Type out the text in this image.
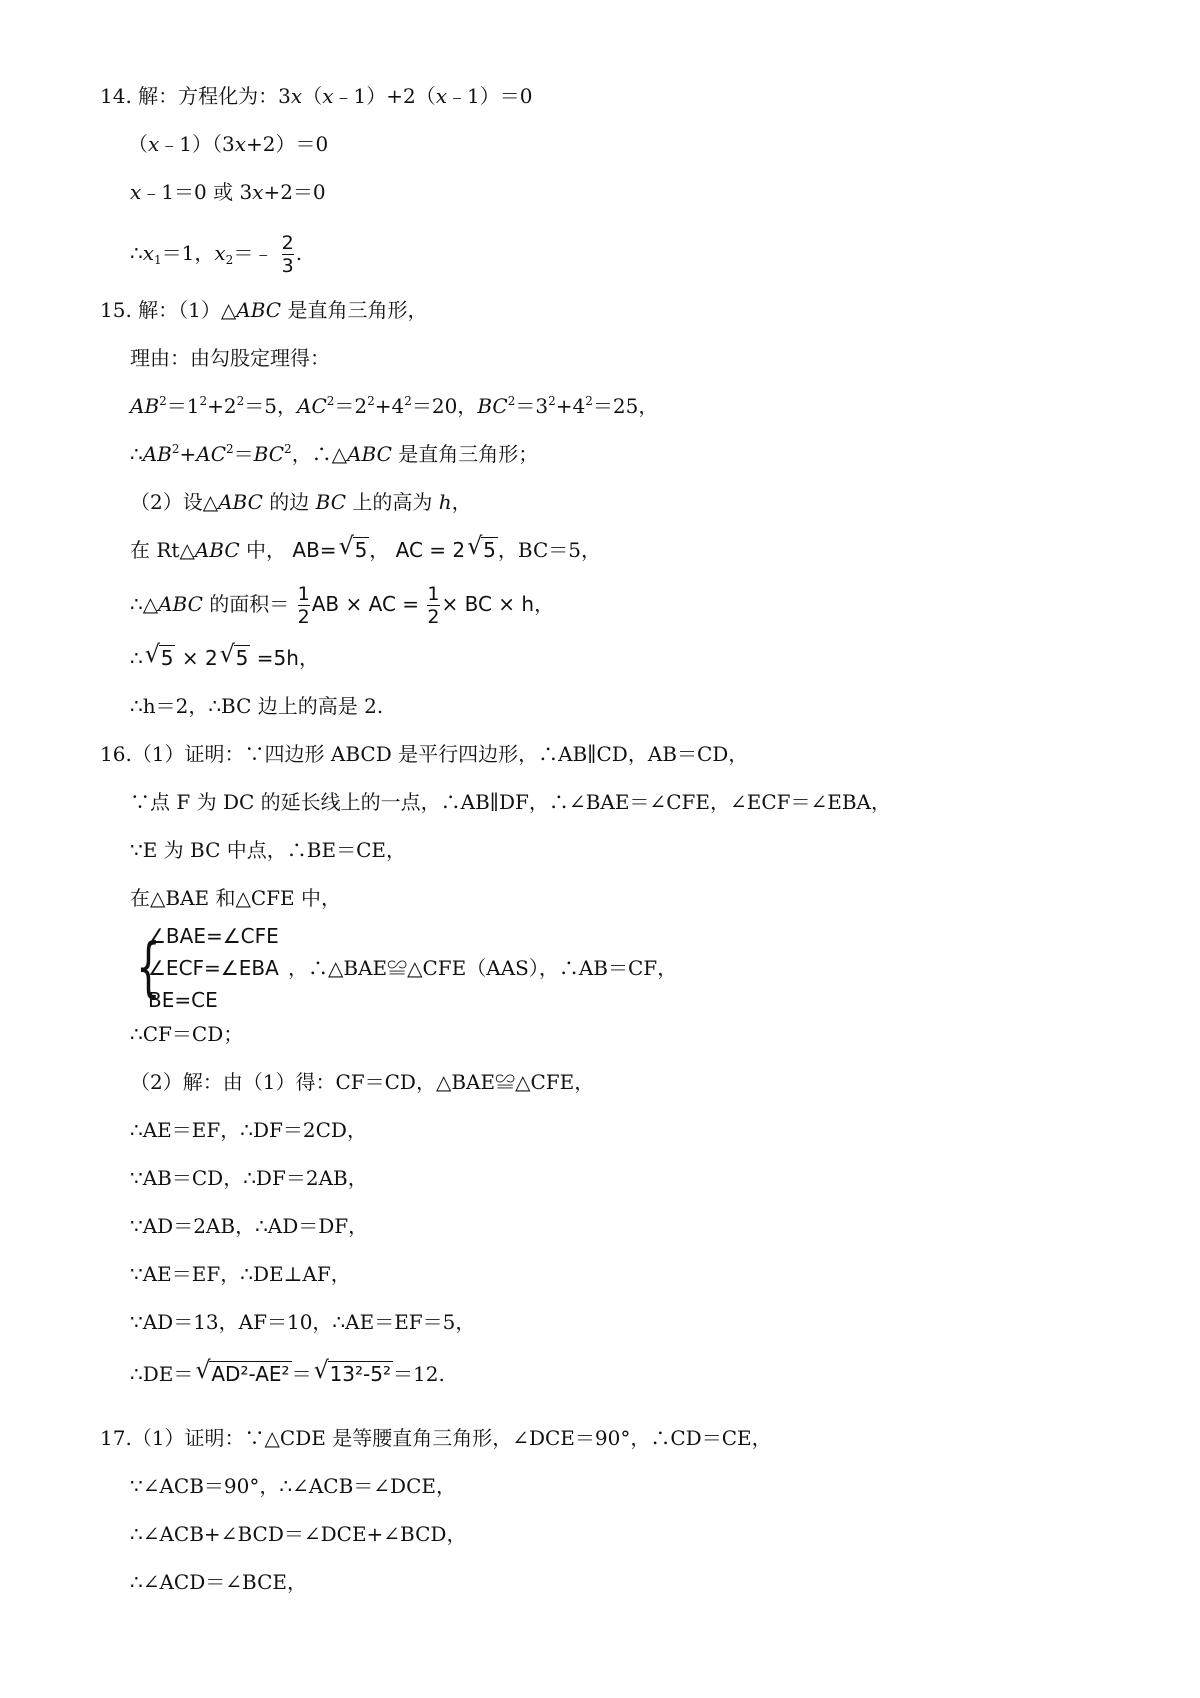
14. 解：方程化为：3x（x﹣1）+2（x﹣1）＝0
（x﹣1）（3x+2）＝0
x﹣1＝0 或 3x+2＝0
$\therefore x_1=1$，$x_2=﹣ \frac{2}{3}$ .
15. 解：（1）△ABC 是直角三角形，
理由：由勾股定理得：
$AB^2=1^2+2^2=5$，$AC^2=2^2+4^2=20$，$BC^2=3^2+4^2=25$，
$\therefore AB^2+AC^2=BC^2$，∴△ABC 是直角三角形；
（2）设△ABC 的边 BC 上的高为 h，
在 Rt△ABC 中， AB= √ 5 ， AC = 2 √ 5 ，BC＝5，
∴△ABC 的面积＝ $\frac{1}{2}$ AB × AC = $\frac{1}{2}$ × BC × h，
∴ √ 5 × 2 √ 5 =5h，
∴h＝2，∴BC 边上的高是 2.
16.（1）证明：∵四边形 ABCD 是平行四边形，∴AB∥CD，AB＝CD，
∵点 F 为 DC 的延长线上的一点，∴AB∥DF，∴∠BAE＝∠CFE，∠ECF＝∠EBA，
∵E 为 BC 中点，∴BE＝CE，
在△BAE 和△CFE 中，
{
∠BAE=∠CFE
∠ECF=∠EBA
BE=CE
，∴△BAE≌△CFE（AAS），∴AB＝CF，
∴CF＝CD；
（2）解：由（1）得：CF＝CD，△BAE≌△CFE，
∴AE＝EF，∴DF＝2CD，
∵AB＝CD，∴DF＝2AB，
∵AD＝2AB，∴AD＝DF，
∵AE＝EF，∴DE⊥AF，
∵AD＝13，AF＝10，∴AE＝EF＝5，
∴DE＝ √ AD²-AE² ＝ √ 13²-5² ＝12.
17.（1）证明：∵△CDE 是等腰直角三角形，∠DCE＝90°，∴CD＝CE，
∵∠ACB＝90°，∴∠ACB＝∠DCE，
∴∠ACB+∠BCD＝∠DCE+∠BCD，
∴∠ACD＝∠BCE，
